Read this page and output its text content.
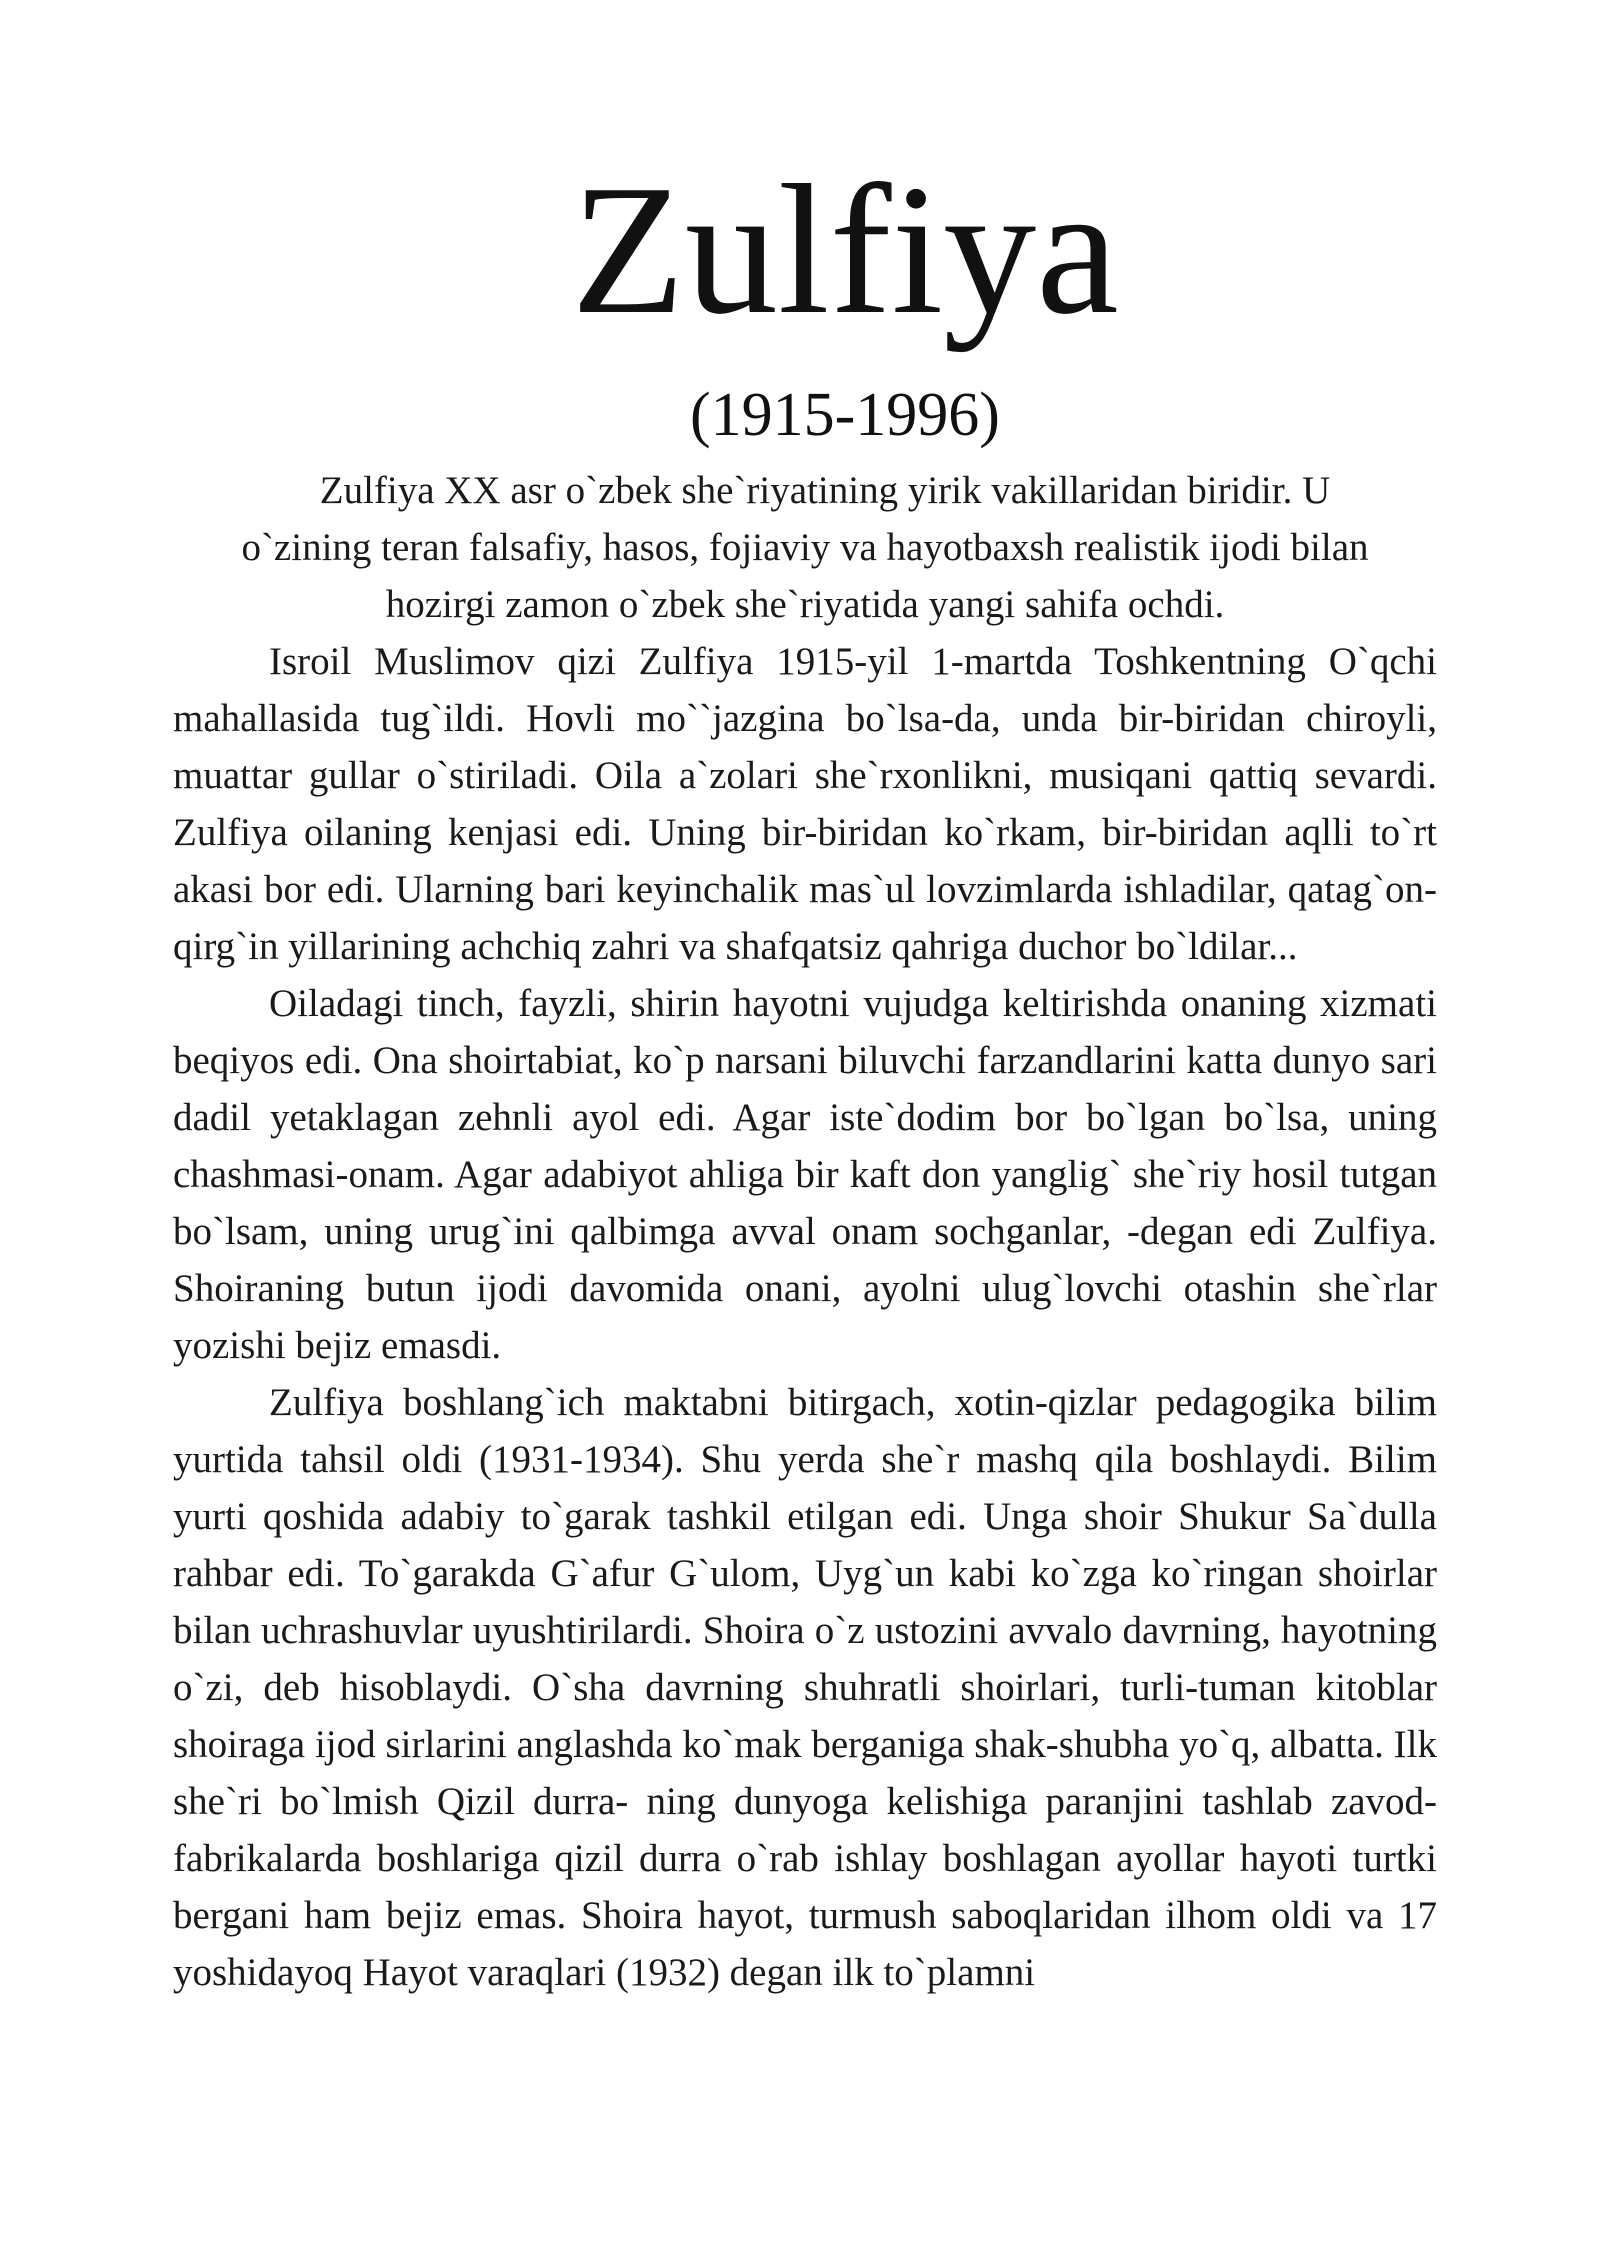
Zulfiya
(1915-1996)

Zulfiya XX asr o`zbek she`riyatining yirik vakillaridan biridir. U
o`zining teran falsafiy, hasos, fojiaviy va hayotbaxsh realistik ijodi bilan
hozirgi zamon o`zbek she`riyatida yangi sahifa ochdi.

Isroil Muslimov qizi Zulfiya 1915-yil 1-martda Toshkentning O`qchi mahallasida tug`ildi. Hovli mo``jazgina bo`lsa-da, unda bir-biridan chiroyli, muattar gullar o`stiriladi. Oila a`zolari she`rxonlikni, musiqani qattiq sevardi. Zulfiya oilaning kenjasi edi. Uning bir-biridan ko`rkam, bir-biridan aqlli to`rt akasi bor edi. Ularning bari keyinchalik mas`ul lovzimlarda ishladilar, qatag`on-qirg`in yillarining achchiq zahri va shafqatsiz qahriga duchor bo`ldilar...

Oiladagi tinch, fayzli, shirin hayotni vujudga keltirishda onaning xizmati beqiyos edi. Ona shoirtabiat, ko`p narsani biluvchi farzandlarini katta dunyo sari dadil yetaklagan zehnli ayol edi. Agar iste`dodim bor bo`lgan bo`lsa, uning chashmasi-onam. Agar adabiyot ahliga bir kaft don yanglig` she`riy hosil tutgan bo`lsam, uning urug`ini qalbimga avval onam sochganlar, -degan edi Zulfiya. Shoiraning butun ijodi davomida onani, ayolni ulug`lovchi otashin she`rlar yozishi bejiz emasdi.

Zulfiya boshlang`ich maktabni bitirgach, xotin-qizlar pedagogika bilim yurtida tahsil oldi (1931-1934). Shu yerda she`r mashq qila boshlaydi. Bilim yurti qoshida adabiy to`garak tashkil etilgan edi. Unga shoir Shukur Sa`dulla rahbar edi. To`garakda G`afur G`ulom, Uyg`un kabi ko`zga ko`ringan shoirlar bilan uchrashuvlar uyushtirilardi. Shoira o`z ustozini avvalo davrning, hayotning o`zi, deb hisoblaydi. O`sha davrning shuhratli shoirlari, turli-tuman kitoblar shoiraga ijod sirlarini anglashda ko`mak berganiga shak-shubha yo`q, albatta. Ilk she`ri bo`lmish Qizil durra- ning dunyoga kelishiga paranjini tashlab zavod-fabrikalarda boshlariga qizil durra o`rab ishlay boshlagan ayollar hayoti turtki bergani ham bejiz emas. Shoira hayot, turmush saboqlaridan ilhom oldi va 17 yoshidayoq Hayot varaqlari (1932) degan ilk to`plamni
